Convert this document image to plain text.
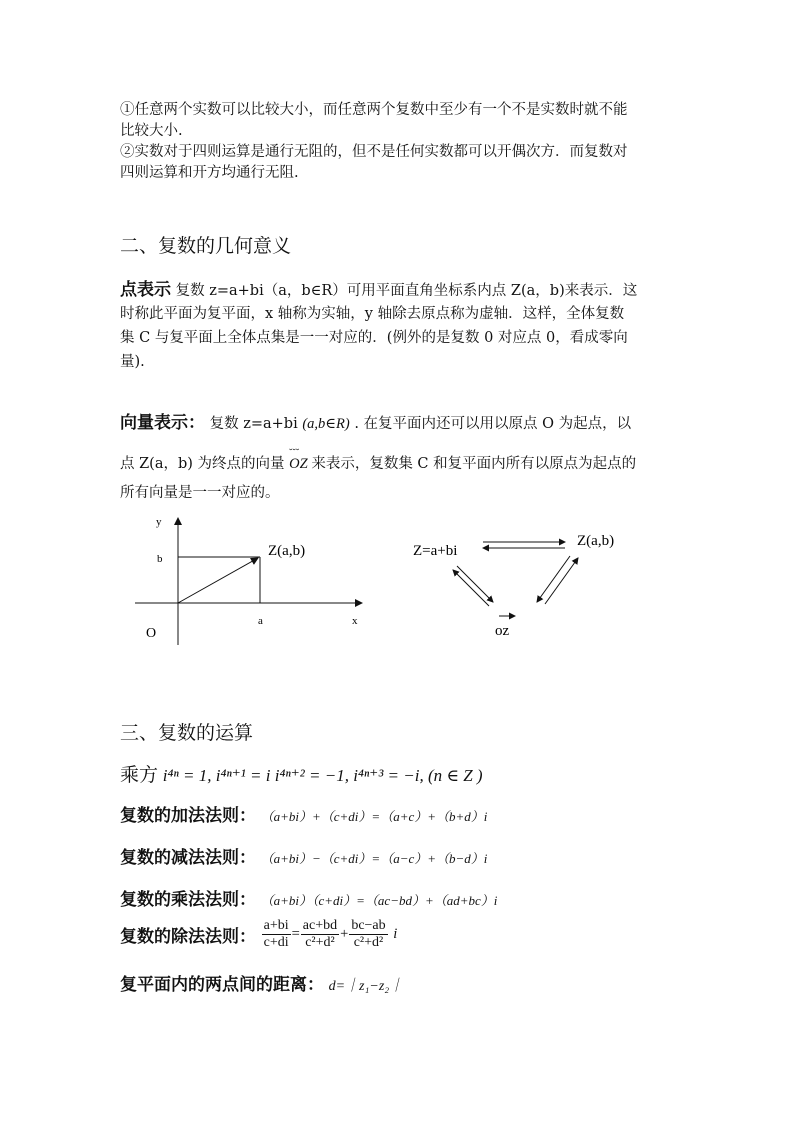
①任意两个实数可以比较大小，而任意两个复数中至少有一个不是实数时就不能
比较大小.
②实数对于四则运算是通行无阻的，但不是任何实数都可以开偶次方．而复数对
四则运算和开方均通行无阻.
二、复数的几何意义
点表示 复数 z=a+bi（a，b∈R）可用平面直角坐标系内点 Z(a，b)来表示．这
时称此平面为复平面，x 轴称为实轴，y 轴除去原点称为虚轴．这样，全体复数
集 C 与复平面上全体点集是一一对应的．(例外的是复数 0 对应点 0，看成零向
量).
向量表示： 复数 z=a+bi (a,b∈R) . 在复平面内还可以用以原点 O 为起点，以
点 Z(a，b) 为终点的向量
˘˘˘
OZ 来表示，复数集 C 和复平面内所有以原点为起点的
所有向量是一一对应的。
y
b
a	x
O
Z(a,b)	Z=a+bi
Z(a,b)
oz
三、复数的运算
乘方 i⁴ⁿ = 1, i⁴ⁿ⁺¹ = i i⁴ⁿ⁺² = −1, i⁴ⁿ⁺³ = −i, (n ∈ Z )
复数的加法法则： （a+bi）+（c+di）=（a+c）+（b+d）i
复数的减法法则： （a+bi）−（c+di）=（a−c）+（b−d）i
复数的乘法法则： （a+bi）（c+di）=（ac−bd）+（ad+bc）i
复数的除法法则： $\frac{a+bi}{c+di} = \frac{ac+bd}{\text{c²+d²}} + \frac{bc-ab}{\text{c²+d²}}$ i
复平面内的两点间的距离： d=｜z₁−z₂｜
